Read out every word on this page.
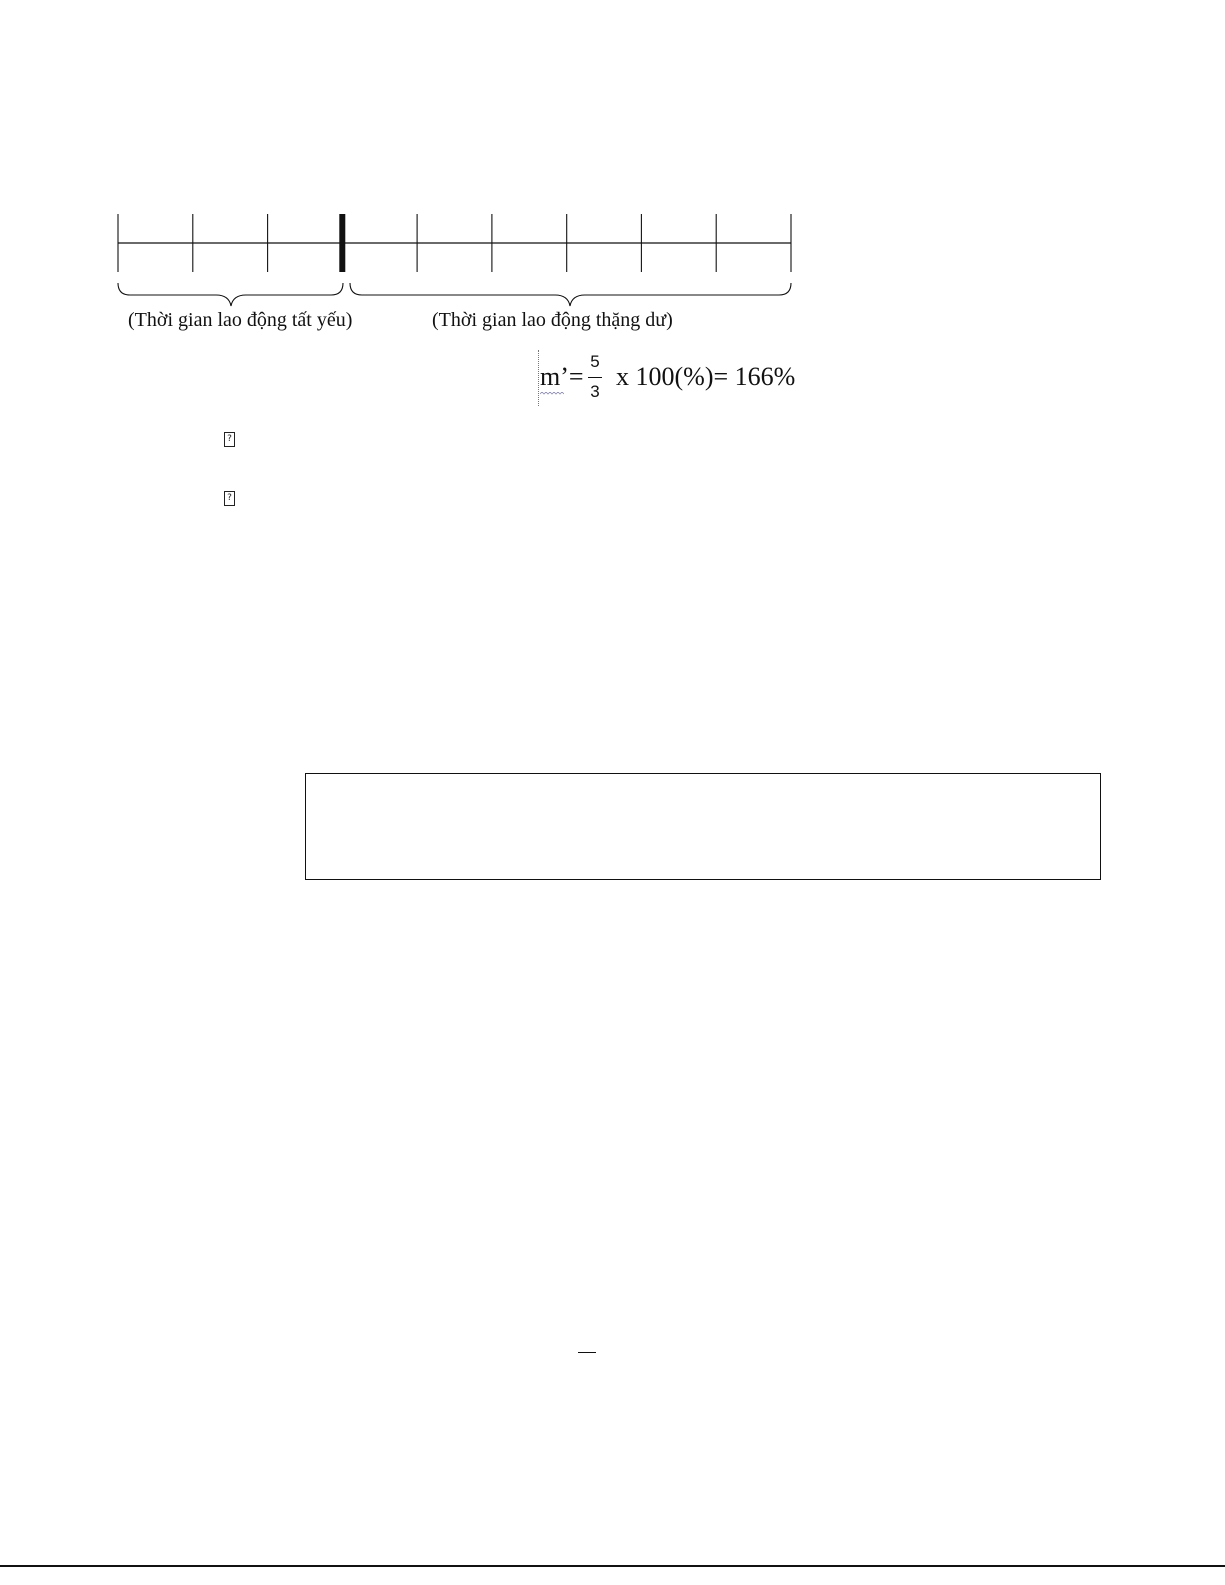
(Thời gian lao động tất yếu)	(Thời gian lao động thặng dư)
m’=
5
3
x 100(%)= 166%
?
?
